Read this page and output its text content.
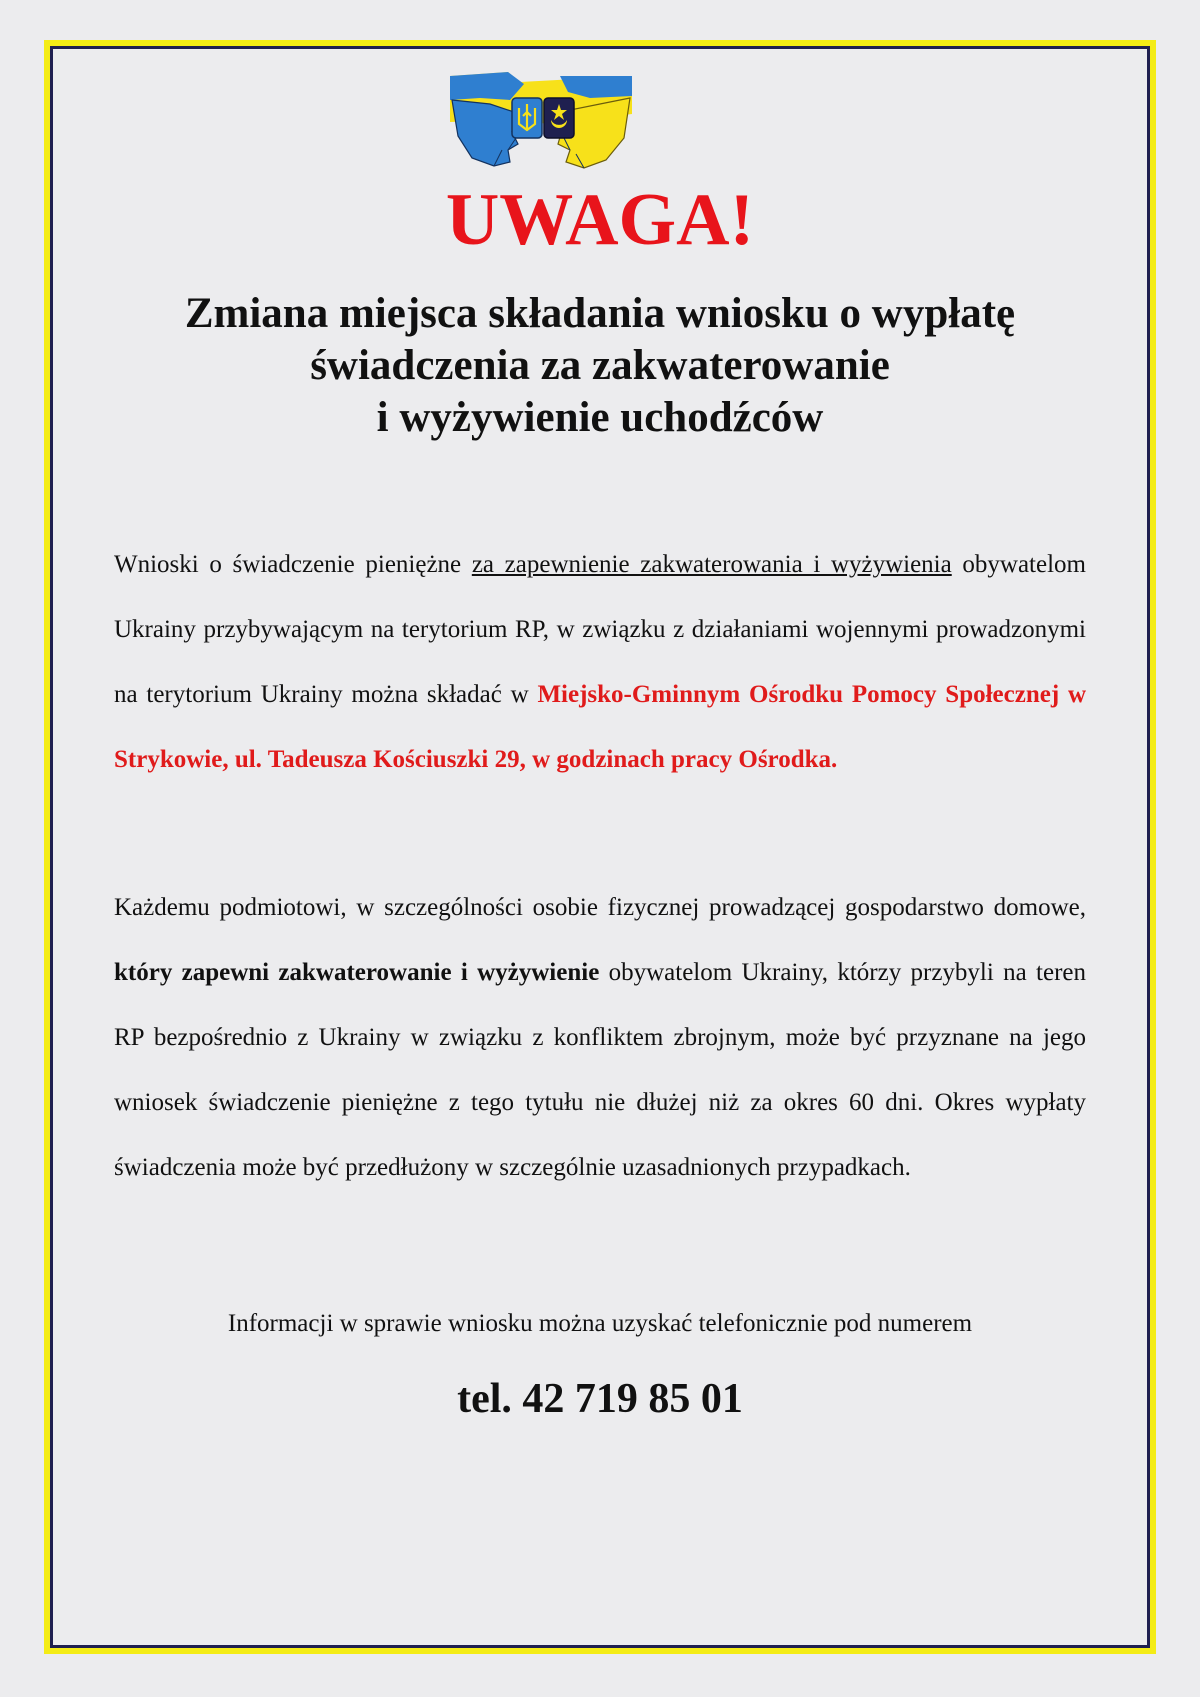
UWAGA!
Zmiana miejsca składania wniosku o wypłatę
świadczenia za zakwaterowanie
i wyżywienie uchodźców

Wnioski o świadczenie pieniężne za zapewnienie zakwaterowania i wyżywienia obywatelom Ukrainy przybywającym na terytorium RP, w związku z działaniami wojennymi prowadzonymi na terytorium Ukrainy można składać w Miejsko-Gminnym Ośrodku Pomocy Społecznej w Strykowie, ul. Tadeusza Kościuszki 29, w godzinach pracy Ośrodka.

Każdemu podmiotowi, w szczególności osobie fizycznej prowadzącej gospodarstwo domowe, który zapewni zakwaterowanie i wyżywienie obywatelom Ukrainy, którzy przybyli na teren RP bezpośrednio z Ukrainy w związku z konfliktem zbrojnym, może być przyznane na jego wniosek świadczenie pieniężne z tego tytułu nie dłużej niż za okres 60 dni. Okres wypłaty świadczenia może być przedłużony w szczególnie uzasadnionych przypadkach.

Informacji w sprawie wniosku można uzyskać telefonicznie pod numerem

tel. 42 719 85 01
